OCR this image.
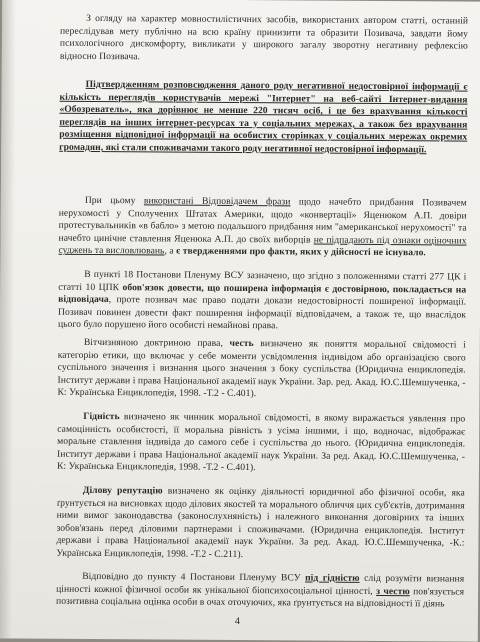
З огляду на характер мовностилістичних засобів, використаних автором статті, останній переслідував мету публічно на всю країну принизити та образити Позивача, завдати йому психологічного дискомфорту, викликати у широкого загалу зворотну негативну рефлексію відносно Позивача.

Підтвердженням розповсюдження даного роду негативної недостовірної інформації є кількість переглядів користувачів мережі "Інтернет" на веб-сайті Інтернет-видання «Обозреватель», яка дорівнює не менше 220 тисяч осіб, і це без врахування кількості переглядів на інших інтернет-ресурсах та у соціальних мережах, а також без врахування розміщення відповідної інформації на особистих сторінках у соціальних мережах окремих громадян, які стали споживачами такого роду негативної недостовірної інформації.

При цьому використані Відповідачем фрази щодо начебто придбання Позивачем нерухомості у Сполучених Штатах Америки, щодо «конвертації» Яценюком А.П. довіри протестувальників «в бабло» з метою подальшого придбання ним "американської нерухомості" та начебто цинічне ставлення Яценюка А.П. до своїх виборців не підпадають під ознаки оціночних суджень та висловлювань, а є твердженнями про факти, яких у дійсності не існувало.

В пункті 18 Постанови Пленуму ВСУ зазначено, що згідно з положеннями статті 277 ЦК і статті 10 ЦПК обов'язок довести, що поширена інформація є достовірною, покладається на відповідача, проте позивач має право подати докази недостовірності поширеної інформації. Позивач повинен довести факт поширення інформації відповідачем, а також те, що внаслідок цього було порушено його особисті немайнові права.

Вітчизняною доктриною права, честь визначено як поняття моральної свідомості і категорію етики, що включає у себе моменти усвідомлення індивідом або організацією свого суспільного значення і визнання цього значення з боку суспільства (Юридична енциклопедія. Інститут держави і права Національної академії наук України. Зар. ред. Акад. Ю.С.Шемшученка, - К: Українська Енциклопедія, 1998. -Т.2 - С.401).

Гідність визначено як чинник моральної свідомості, в якому виражається уявлення про самоцінність особистості, її моральна рівність з усіма іншими, і що, водночас, відображає моральне ставлення індивіда до самого себе і суспільства до нього. (Юридична енциклопедія. Інститут держави і права Національної академії наук України. За ред. Акад. Ю.С.Шемшученка, - К: Українська Енциклопедія, 1998. -Т.2 - С.401).

Ділову репутацію визначено як оцінку діяльності юридичної або фізичної особи, яка ґрунтується на висновках щодо ділових якостей та морального обличчя цих суб'єктів, дотримання ними вимог законодавства (законослухняність) і належного виконання договірних та інших зобов'язань перед діловими партнерами і споживачами. (Юридична енциклопедія. Інститут держави і права Національної академії наук України. За ред. Акад. Ю.С.Шемшученка, -К.: Українська Енциклопедія, 1998. -Т.2 - С.211).

Відповідно до пункту 4 Постанови Пленуму ВСУ під гідністю слід розуміти визнання цінності кожної фізичної особи як унікальної біопсихосоціальної цінності, з честю пов'язується позитивна соціальна оцінка особи в очах оточуючих, яка ґрунтується на відповідності її діянь

4
